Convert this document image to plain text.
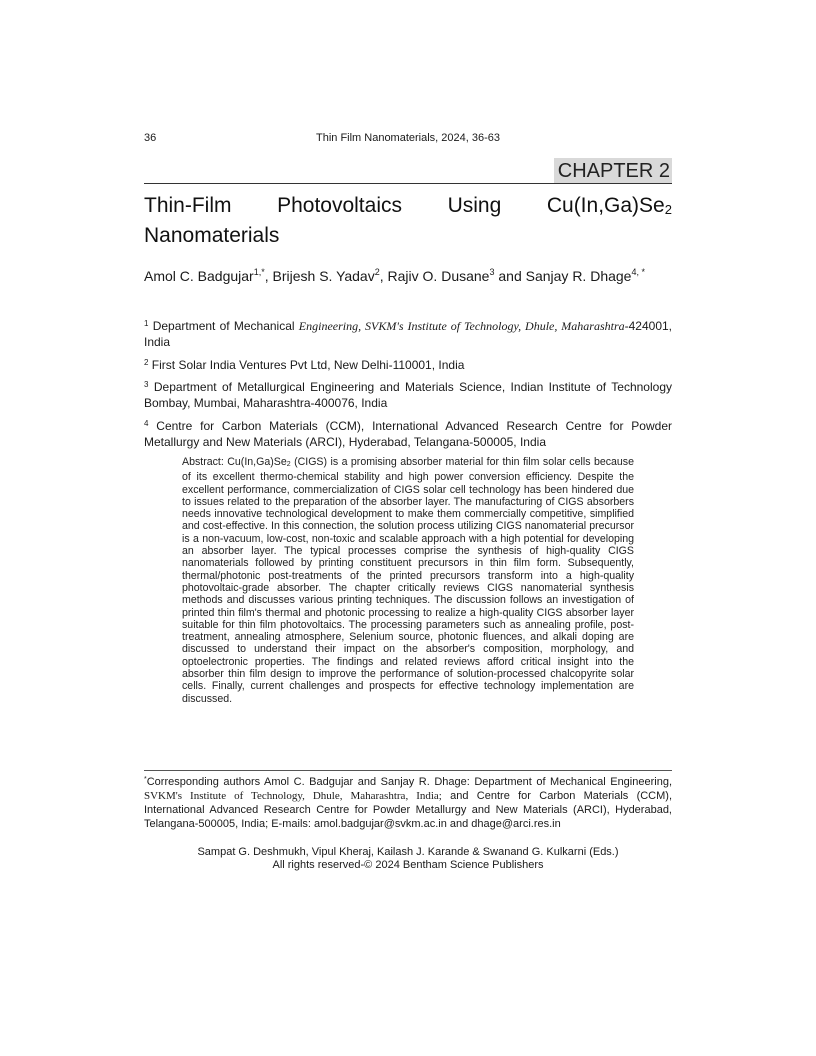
36	Thin Film Nanomaterials, 2024, 36-63
CHAPTER 2
Thin-Film Photovoltaics Using $Cu(In,Ga)Se_2$
Nanomaterials
Amol C. Badgujar$^{1,*}$, Brijesh S. Yadav$^2$, Rajiv O. Dusane$^3$ and Sanjay R. Dhage$^{4, *}$
$^1$ Department of Mechanical Engineering, SVKM's Institute of Technology, Dhule, Maharashtra-424001, India
$^2$ First Solar India Ventures Pvt Ltd, New Delhi-110001, India
$^3$ Department of Metallurgical Engineering and Materials Science, Indian Institute of Technology Bombay, Mumbai, Maharashtra-400076, India
$^4$ Centre for Carbon Materials (CCM), International Advanced Research Centre for Powder Metallurgy and New Materials (ARCI), Hyderabad, Telangana-500005, India
Abstract: $Cu(In,Ga)Se_2$ (CIGS) is a promising absorber material for thin film solar cells because of its excellent thermo-chemical stability and high power conversion efficiency. Despite the excellent performance, commercialization of CIGS solar cell technology has been hindered due to issues related to the preparation of the absorber layer. The manufacturing of CIGS absorbers needs innovative technological development to make them commercially competitive, simplified and cost-effective. In this connection, the solution process utilizing CIGS nanomaterial precursor is a non-vacuum, low-cost, non-toxic and scalable approach with a high potential for developing an absorber layer. The typical processes comprise the synthesis of high-quality CIGS nanomaterials followed by printing constituent precursors in thin film form. Subsequently, thermal/photonic post-treatments of the printed precursors transform into a high-quality photovoltaic-grade absorber. The chapter critically reviews CIGS nanomaterial synthesis methods and discusses various printing techniques. The discussion follows an investigation of printed thin film's thermal and photonic processing to realize a high-quality CIGS absorber layer suitable for thin film photovoltaics. The processing parameters such as annealing profile, post-treatment, annealing atmosphere, Selenium source, photonic fluences, and alkali doping are discussed to understand their impact on the absorber's composition, morphology, and optoelectronic properties. The findings and related reviews afford critical insight into the absorber thin film design to improve the performance of solution-processed chalcopyrite solar cells. Finally, current challenges and prospects for effective technology implementation are discussed.
*Corresponding authors Amol C. Badgujar and Sanjay R. Dhage: Department of Mechanical Engineering, SVKM's Institute of Technology, Dhule, Maharashtra, India; and Centre for Carbon Materials (CCM), International Advanced Research Centre for Powder Metallurgy and New Materials (ARCI), Hyderabad, Telangana-500005, India; E-mails: amol.badgujar@svkm.ac.in and dhage@arci.res.in
Sampat G. Deshmukh, Vipul Kheraj, Kailash J. Karande & Swanand G. Kulkarni (Eds.)
All rights reserved-© 2024 Bentham Science Publishers
